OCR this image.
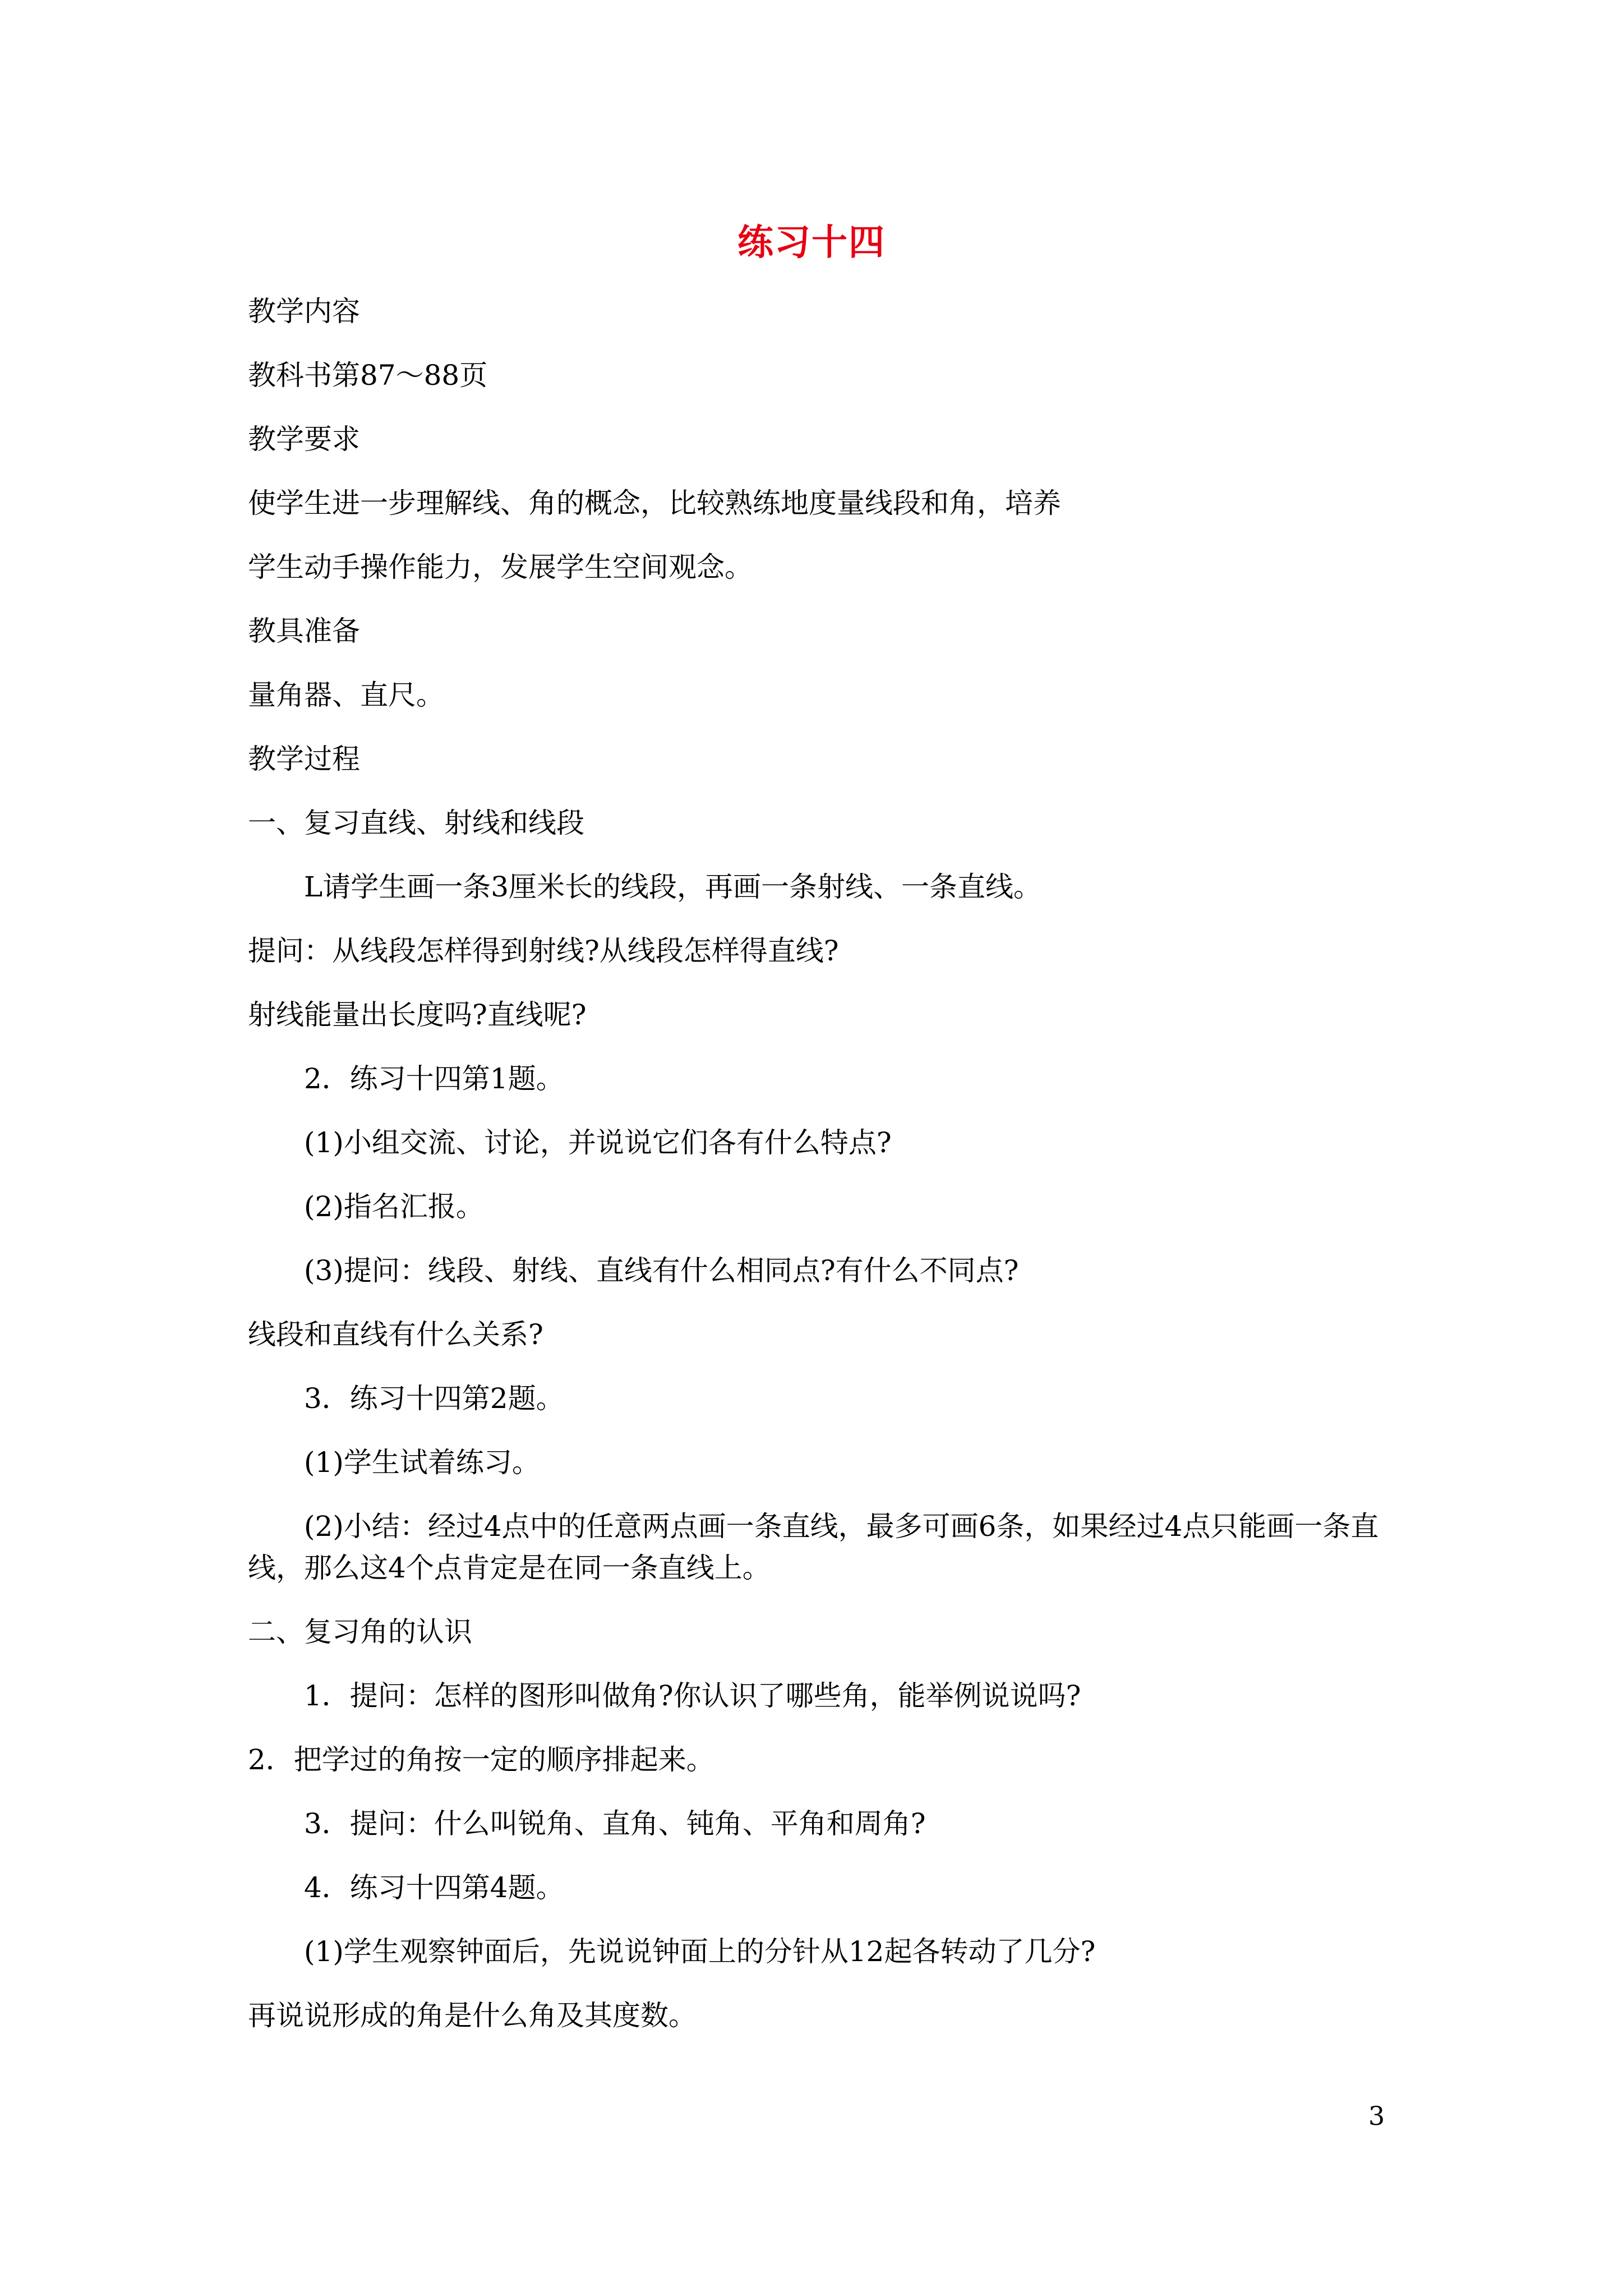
练习十四
教学内容
教科书第87～88页
教学要求
使学生进一步理解线、角的概念，比较熟练地度量线段和角，培养
学生动手操作能力，发展学生空间观念。
教具准备
量角器、直尺。
教学过程
一、复习直线、射线和线段
L请学生画一条3厘米长的线段，再画一条射线、一条直线。
提问：从线段怎样得到射线?从线段怎样得直线?
射线能量出长度吗?直线呢?
2．练习十四第1题。
(1)小组交流、讨论，并说说它们各有什么特点?
(2)指名汇报。
(3)提问：线段、射线、直线有什么相同点?有什么不同点?
线段和直线有什么关系?
3．练习十四第2题。
(1)学生试着练习。
(2)小结：经过4点中的任意两点画一条直线，最多可画6条，如果经过4点只能画一条直线，那么这4个点肯定是在同一条直线上。
二、复习角的认识
1．提问：怎样的图形叫做角?你认识了哪些角，能举例说说吗?
2．把学过的角按一定的顺序排起来。
3．提问：什么叫锐角、直角、钝角、平角和周角?
4．练习十四第4题。
(1)学生观察钟面后，先说说钟面上的分针从12起各转动了几分?
再说说形成的角是什么角及其度数。
3
